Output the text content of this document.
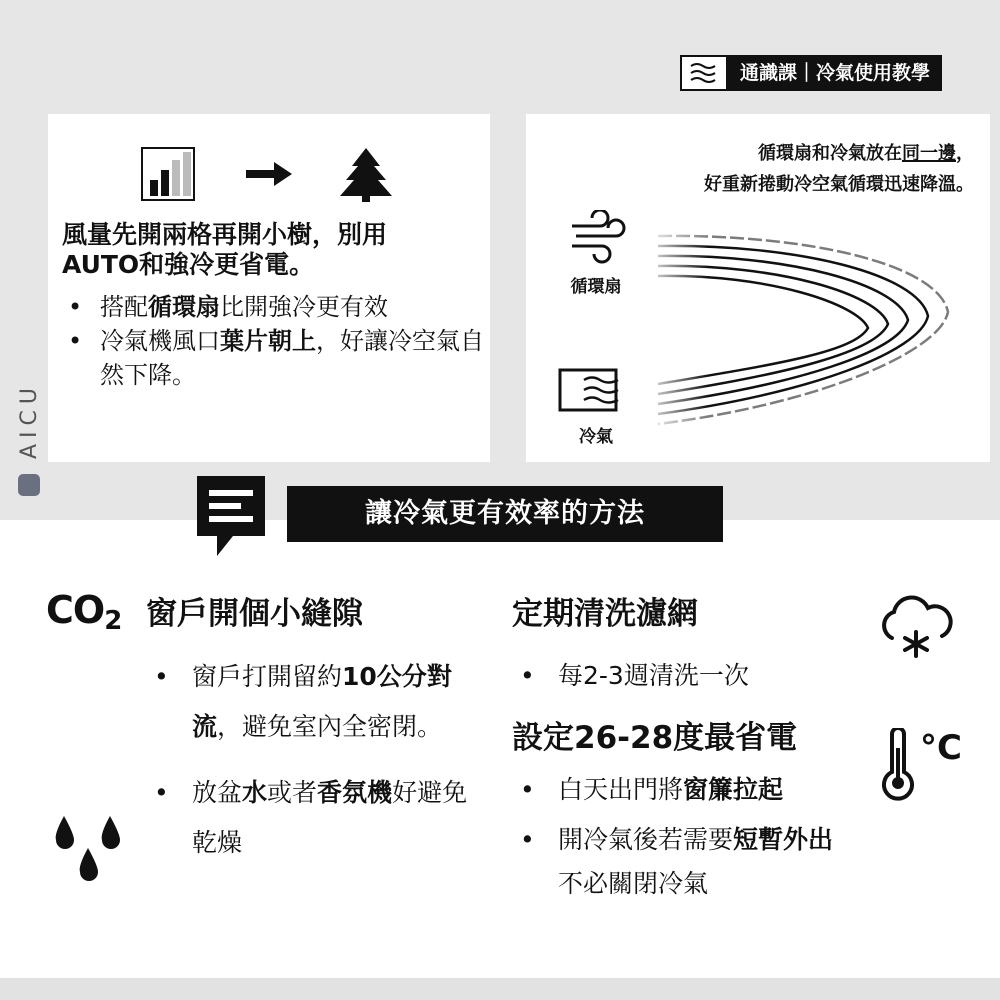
通識課｜冷氣使用教學
AICU

風量先開兩格再開小樹，別用
AUTO和強冷更省電。

• 搭配循環扇比開強冷更有效
• 冷氣機風口葉片朝上，好讓冷空氣自然下降。
循環扇和冷氣放在同一邊，
好重新捲動冷空氣循環迅速降溫。
循環扇
冷氣
讓冷氣更有效率的方法
$CO_2$ 窗戶開個小縫隙
• 窗戶打開留約10公分對流，避免室內全密閉。
• 放盆水或者香氛機好避免乾燥
定期清洗濾網
• 每2-3週清洗一次
設定26-28度最省電
• 白天出門將窗簾拉起
• 開冷氣後若需要短暫外出不必關閉冷氣
°C
